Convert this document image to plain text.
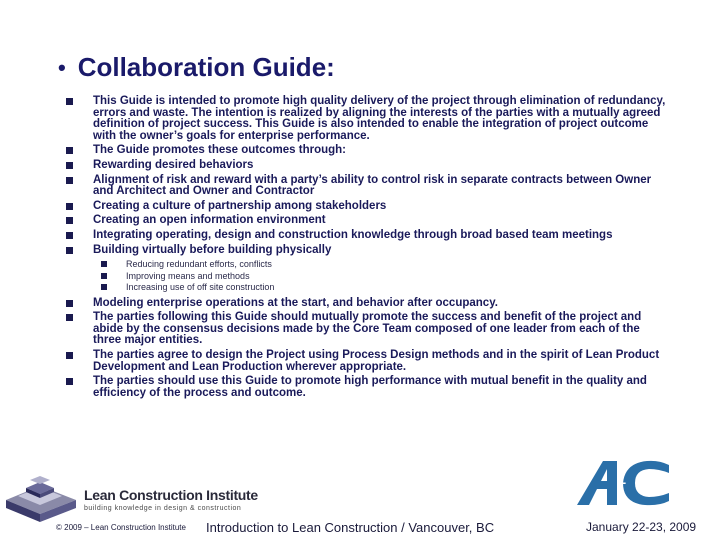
• Collaboration Guide:
This Guide is intended to promote high quality delivery of the project through elimination of redundancy, errors and waste. The intention is realized by aligning the interests of the parties with a mutually agreed definition of project success. This Guide is also intended to enable the integration of project outcome with the owner’s goals for enterprise performance.
The Guide promotes these outcomes through:
Rewarding desired behaviors
Alignment of risk and reward with a party’s ability to control risk in separate contracts between Owner and Architect and Owner and Contractor
Creating a culture of partnership among stakeholders
Creating an open information environment
Integrating operating, design and construction knowledge through broad based team meetings
Building virtually before building physically
Reducing redundant efforts, conflicts
Improving means and methods
Increasing use of off site construction
Modeling enterprise operations at the start, and behavior after occupancy.
The parties following this Guide should mutually promote the success and benefit of the project and abide by the consensus decisions made by the Core Team composed of one leader from each of the three major entities.
The parties agree to design the Project using Process Design methods and in the spirit of Lean Product Development and Lean Production wherever appropriate.
The parties should use this Guide to promote high performance with mutual benefit in the quality and efficiency of the process and outcome.
Lean Construction Institute
building knowledge in design & construction
+
© 2009 – Lean Construction Institute Introduction to Lean Construction / Vancouver, BC	January 22-23, 2009
